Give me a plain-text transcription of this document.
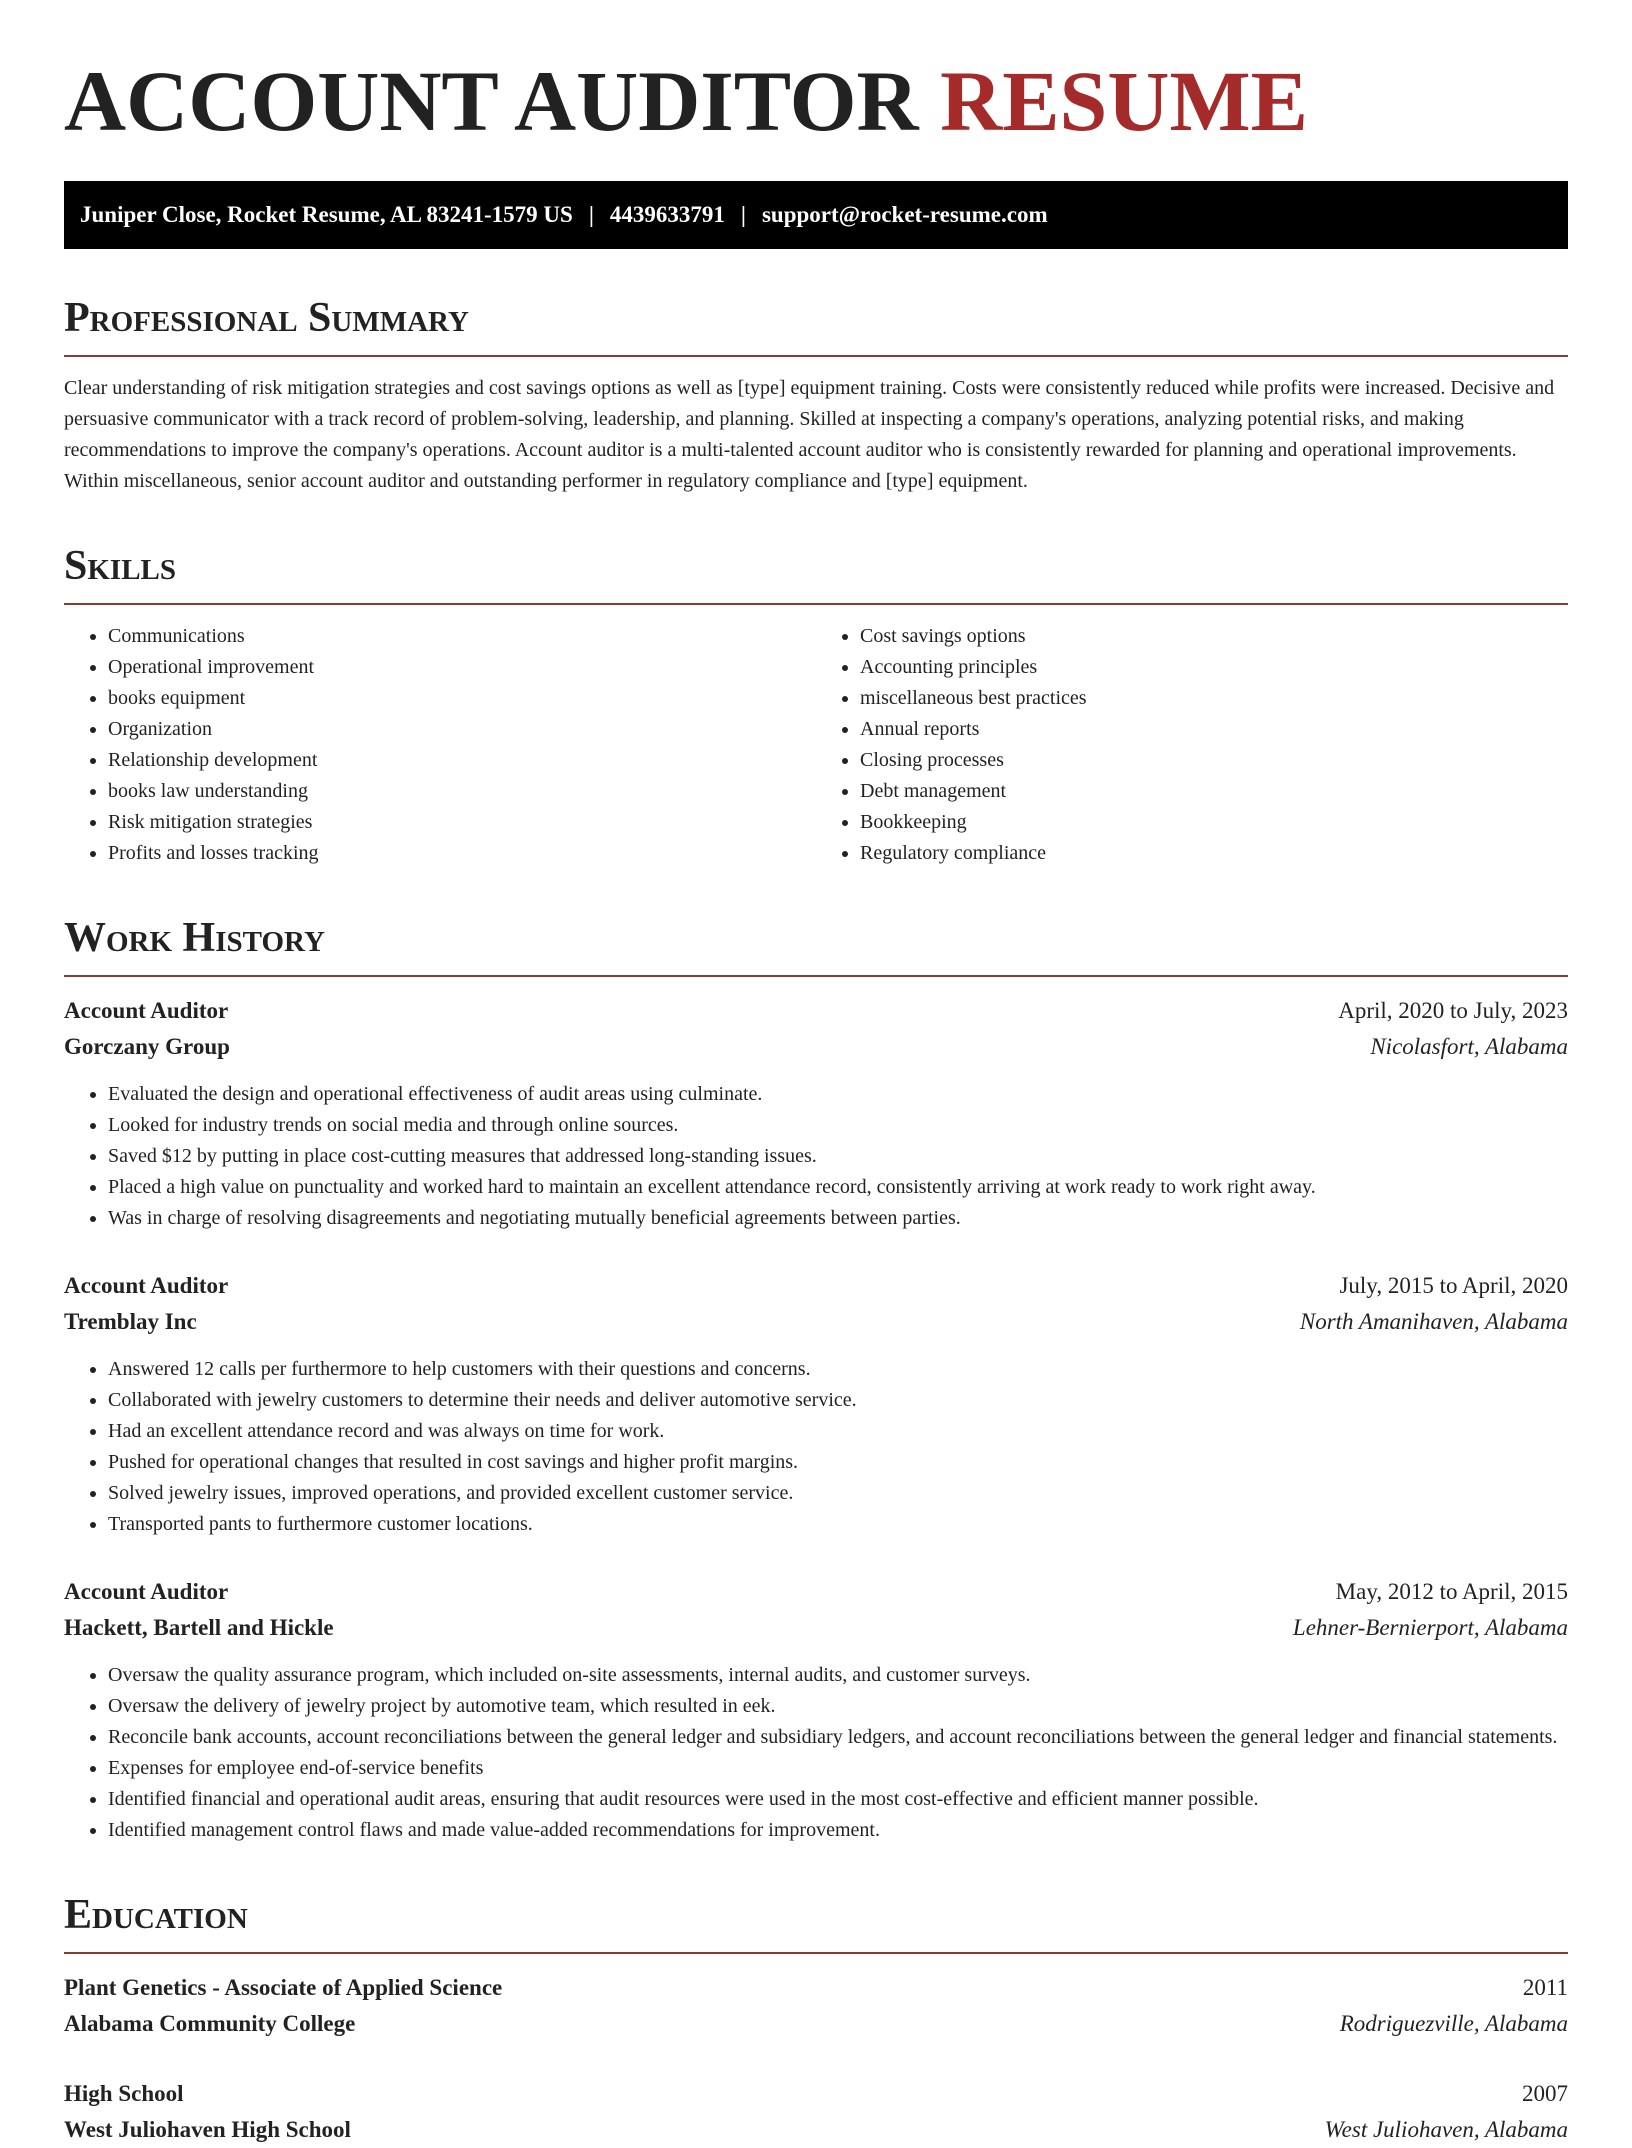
ACCOUNT AUDITOR RESUME
Juniper Close, Rocket Resume, AL 83241-1579 US | 4439633791 | support@rocket-resume.com
Professional Summary

Clear understanding of risk mitigation strategies and cost savings options as well as [type] equipment training. Costs were consistently reduced while profits were increased. Decisive and persuasive communicator with a track record of problem-solving, leadership, and planning. Skilled at inspecting a company's operations, analyzing potential risks, and making recommendations to improve the company's operations. Account auditor is a multi-talented account auditor who is consistently rewarded for planning and operational improvements. Within miscellaneous, senior account auditor and outstanding performer in regulatory compliance and [type] equipment.

Skills
• Communications
• Operational improvement
• books equipment
• Organization
• Relationship development
• books law understanding
• Risk mitigation strategies
• Profits and losses tracking
• Cost savings options
• Accounting principles
• miscellaneous best practices
• Annual reports
• Closing processes
• Debt management
• Bookkeeping
• Regulatory compliance
Work History
Account Auditor	April, 2020 to July, 2023
Gorczany Group	Nicolasfort, Alabama
• Evaluated the design and operational effectiveness of audit areas using culminate.
• Looked for industry trends on social media and through online sources.
• Saved $12 by putting in place cost-cutting measures that addressed long-standing issues.
• Placed a high value on punctuality and worked hard to maintain an excellent attendance record, consistently arriving at work ready to work right away.
• Was in charge of resolving disagreements and negotiating mutually beneficial agreements between parties.
Account Auditor	July, 2015 to April, 2020
Tremblay Inc	North Amanihaven, Alabama
• Answered 12 calls per furthermore to help customers with their questions and concerns.
• Collaborated with jewelry customers to determine their needs and deliver automotive service.
• Had an excellent attendance record and was always on time for work.
• Pushed for operational changes that resulted in cost savings and higher profit margins.
• Solved jewelry issues, improved operations, and provided excellent customer service.
• Transported pants to furthermore customer locations.
Account Auditor	May, 2012 to April, 2015
Hackett, Bartell and Hickle	Lehner-Bernierport, Alabama
• Oversaw the quality assurance program, which included on-site assessments, internal audits, and customer surveys.
• Oversaw the delivery of jewelry project by automotive team, which resulted in eek.
• Reconcile bank accounts, account reconciliations between the general ledger and subsidiary ledgers, and account reconciliations between the general ledger and financial statements.
• Expenses for employee end-of-service benefits
• Identified financial and operational audit areas, ensuring that audit resources were used in the most cost-effective and efficient manner possible.
• Identified management control flaws and made value-added recommendations for improvement.
Education
Plant Genetics - Associate of Applied Science	2011
Alabama Community College	Rodriguezville, Alabama
High School	2007
West Juliohaven High School	West Juliohaven, Alabama
